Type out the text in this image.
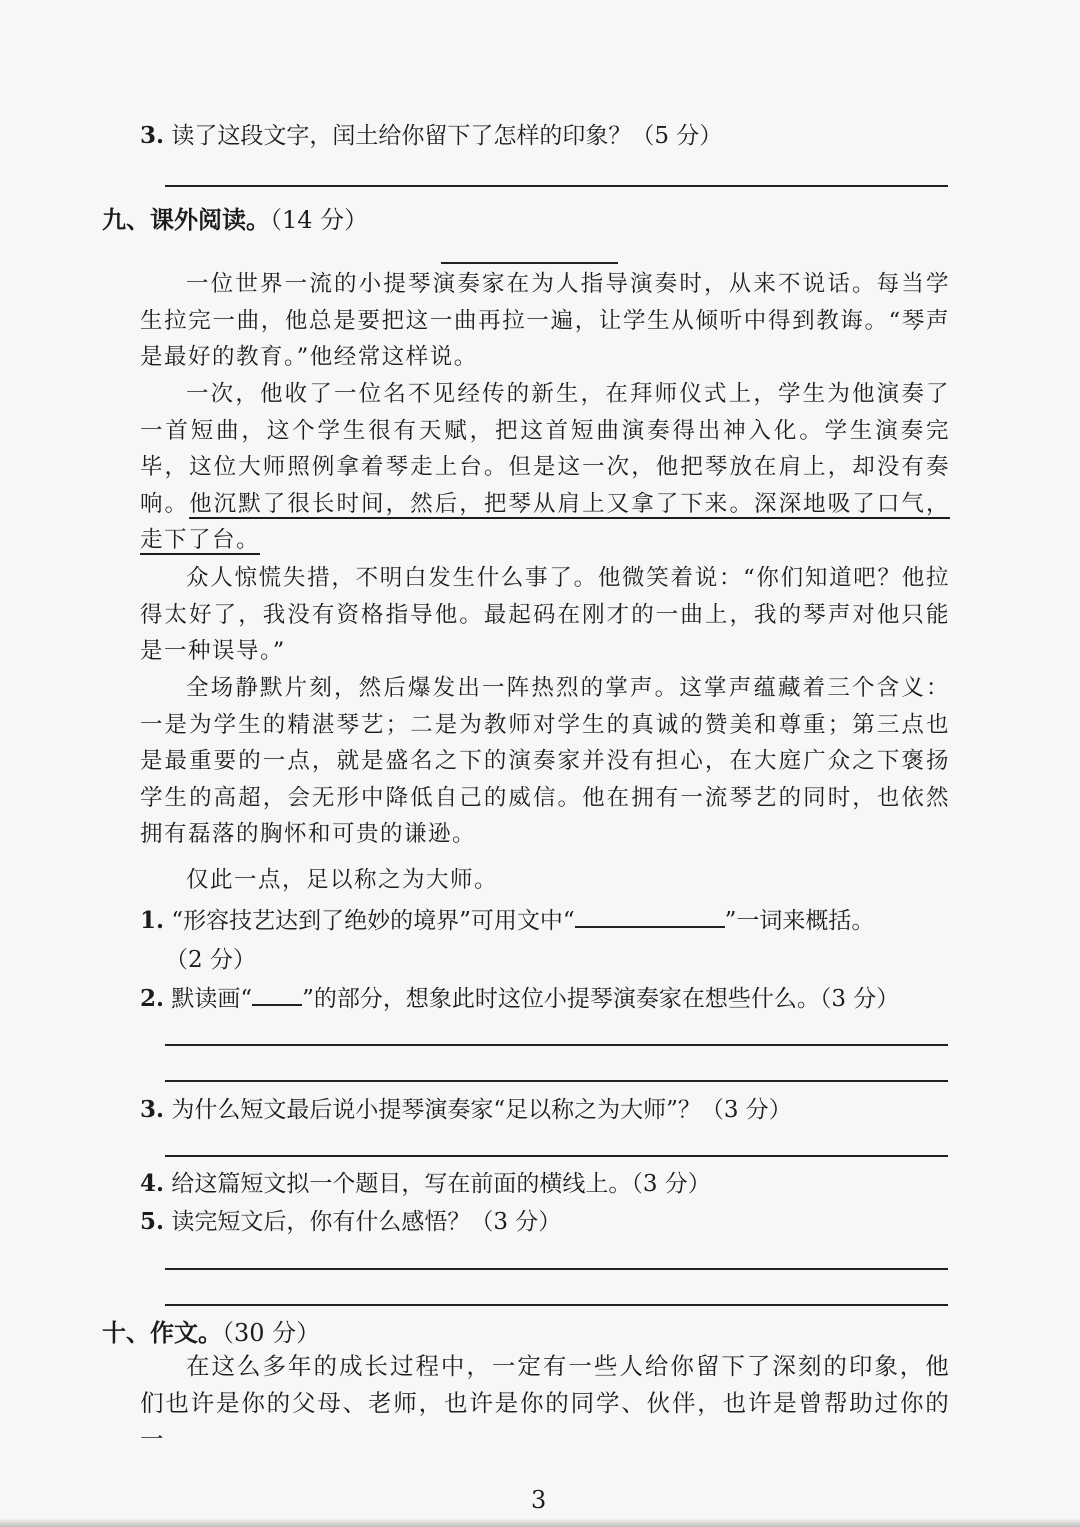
3. 读了这段文字，闰土给你留下了怎样的印象？（5 分）
九、课外阅读。（14 分）
一位世界一流的小提琴演奏家在为人指导演奏时，从来不说话。每当学生拉完一曲，他总是要把这一曲再拉一遍，让学生从倾听中得到教诲。“琴声是最好的教育。”他经常这样说。
一次，他收了一位名不见经传的新生，在拜师仪式上，学生为他演奏了一首短曲，这个学生很有天赋，把这首短曲演奏得出神入化。学生演奏完毕，这位大师照例拿着琴走上台。但是这一次，他把琴放在肩上，却没有奏响。他沉默了很长时间，然后，把琴从肩上又拿了下来。深深地吸了口气，走下了台。
众人惊慌失措，不明白发生什么事了。他微笑着说：“你们知道吧？他拉得太好了，我没有资格指导他。最起码在刚才的一曲上，我的琴声对他只能是一种误导。”
全场静默片刻，然后爆发出一阵热烈的掌声。这掌声蕴藏着三个含义：一是为学生的精湛琴艺；二是为教师对学生的真诚的赞美和尊重；第三点也是最重要的一点，就是盛名之下的演奏家并没有担心，在大庭广众之下褒扬学生的高超，会无形中降低自己的威信。他在拥有一流琴艺的同时，也依然拥有磊落的胸怀和可贵的谦逊。
仅此一点，足以称之为大师。
1. “形容技艺达到了绝妙的境界”可用文中“	”一词来概括。
（2 分）
2. 默读画“ ”的部分，想象此时这位小提琴演奏家在想些什么。（3 分）
3. 为什么短文最后说小提琴演奏家“足以称之为大师”？（3 分）
4. 给这篇短文拟一个题目，写在前面的横线上。（3 分）
5. 读完短文后，你有什么感悟？（3 分）
十、作文。（30 分）
在这么多年的成长过程中，一定有一些人给你留下了深刻的印象，他们也许是你的父母、老师，也许是你的同学、伙伴，也许是曾帮助过你的一
3
